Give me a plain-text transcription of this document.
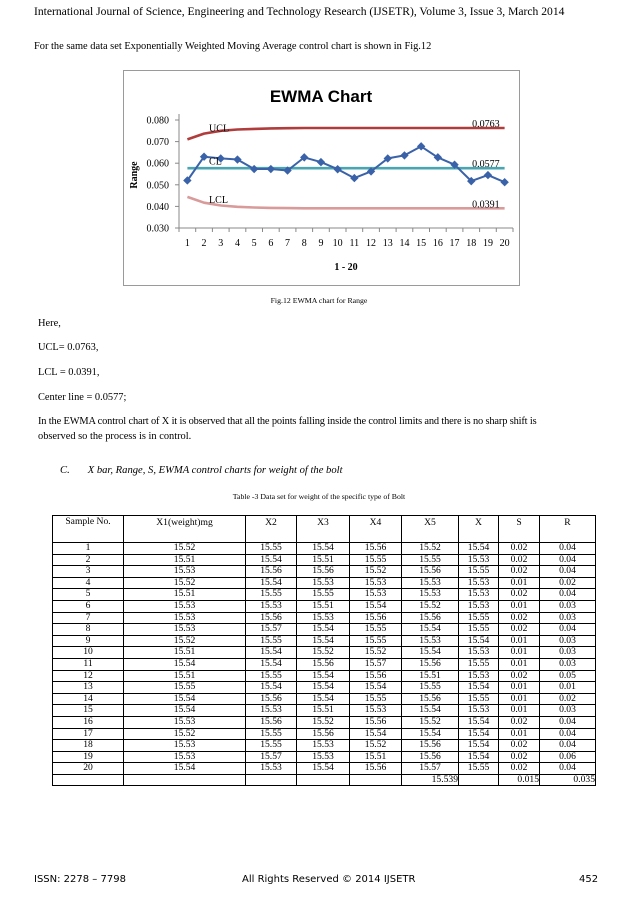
International Journal of Science, Engineering and Technology Research (IJSETR), Volume 3, Issue 3, March 2014
For the same data set Exponentially Weighted Moving Average control chart is shown in Fig.12
EWMA Chart
0.030
0.040
0.050
0.060
0.070
0.080
1 2 3 4 5 6 7 8 9 10 11 12 13 14 15 16 17 18 19 20
1 - 20
Range
UCL
CL
LCL
0.0763
0.0577
0.0391
Fig.12 EWMA chart for Range
Here,
UCL= 0.0763,
LCL = 0.0391,
Center line = 0.0577;
In the EWMA control chart of X it is observed that all the points falling inside the control limits and there is no sharp shift is
observed so the process is in control.
C. X bar, Range, S, EWMA control charts for weight of the bolt
Table -3 Data set for weight of the specific type of Bolt
Sample No.	X1(weight)mg	X2	X3	X4	X5	X	S	R
1	15.52	15.55	15.54	15.56	15.52	15.54	0.02	0.04
2	15.51	15.54	15.51	15.55	15.55	15.53	0.02	0.04
3	15.53	15.56	15.56	15.52	15.56	15.55	0.02	0.04
4	15.52	15.54	15.53	15.53	15.53	15.53	0.01	0.02
5	15.51	15.55	15.55	15.53	15.53	15.53	0.02	0.04
6	15.53	15.53	15.51	15.54	15.52	15.53	0.01	0.03
7	15.53	15.56	15.53	15.56	15.56	15.55	0.02	0.03
8	15.53	15.57	15.54	15.55	15.54	15.55	0.02	0.04
9	15.52	15.55	15.54	15.55	15.53	15.54	0.01	0.03
10	15.51	15.54	15.52	15.52	15.54	15.53	0.01	0.03
11	15.54	15.54	15.56	15.57	15.56	15.55	0.01	0.03
12	15.51	15.55	15.54	15.56	15.51	15.53	0.02	0.05
13	15.55	15.54	15.54	15.54	15.55	15.54	0.01	0.01
14	15.54	15.56	15.54	15.55	15.56	15.55	0.01	0.02
15	15.54	15.53	15.51	15.53	15.54	15.53	0.01	0.03
16	15.53	15.56	15.52	15.56	15.52	15.54	0.02	0.04
17	15.52	15.55	15.56	15.54	15.54	15.54	0.01	0.04
18	15.53	15.55	15.53	15.52	15.56	15.54	0.02	0.04
19	15.53	15.57	15.53	15.51	15.56	15.54	0.02	0.06
20	15.54	15.53	15.54	15.56	15.57	15.55	0.02	0.04
					15.539		0.015	0.035
ISSN: 2278 – 7798	All Rights Reserved © 2014 IJSETR	452
